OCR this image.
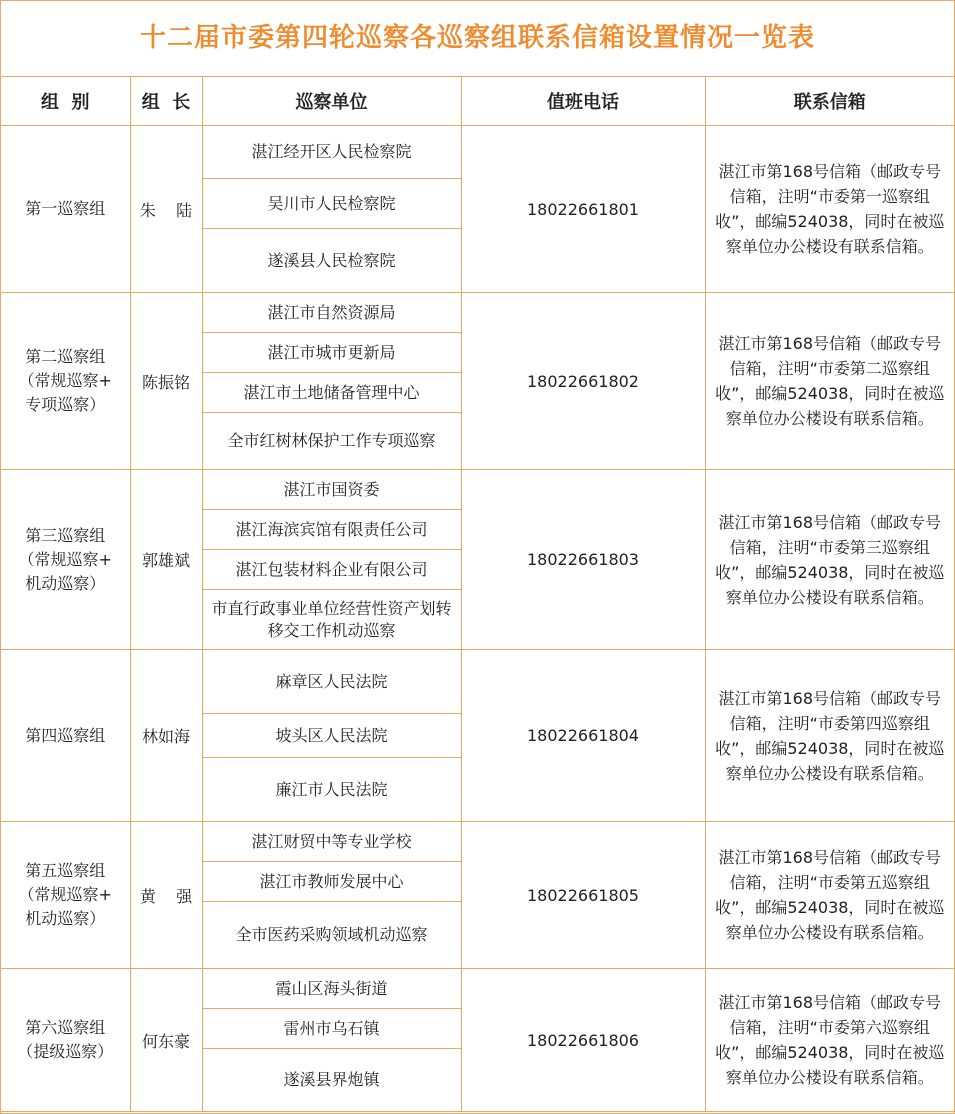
十二届市委第四轮巡察各巡察组联系信箱设置情况一览表
组  别	组  长	巡察单位	值班电话	联系信箱

第一巡察组	朱    陆	湛江经开区人民检察院	18022661801	湛江市第168号信箱（邮政专号信箱，注明“市委第一巡察组收”，邮编524038，同时在被巡察单位办公楼设有联系信箱。
		吴川市人民检察院		
		遂溪县人民检察院		

第二巡察组
（常规巡察+
专项巡察）	陈振铭	湛江市自然资源局	18022661802	湛江市第168号信箱（邮政专号信箱，注明“市委第二巡察组收”，邮编524038，同时在被巡察单位办公楼设有联系信箱。
		湛江市城市更新局		
		湛江市土地储备管理中心		
		全市红树林保护工作专项巡察		

第三巡察组
（常规巡察+
机动巡察）	郭雄斌	湛江市国资委	18022661803	湛江市第168号信箱（邮政专号信箱，注明“市委第三巡察组收”，邮编524038，同时在被巡察单位办公楼设有联系信箱。
		湛江海滨宾馆有限责任公司		
		湛江包装材料企业有限公司		
		市直行政事业单位经营性资产划转移交工作机动巡察		

第四巡察组	林如海	麻章区人民法院	18022661804	湛江市第168号信箱（邮政专号信箱，注明“市委第四巡察组收”，邮编524038，同时在被巡察单位办公楼设有联系信箱。
		坡头区人民法院		
		廉江市人民法院		

第五巡察组
（常规巡察+
机动巡察）	黄    强	湛江财贸中等专业学校	18022661805	湛江市第168号信箱（邮政专号信箱，注明“市委第五巡察组收”，邮编524038，同时在被巡察单位办公楼设有联系信箱。
		湛江市教师发展中心		
		全市医药采购领域机动巡察		

第六巡察组
（提级巡察）	何东豪	霞山区海头街道	18022661806	湛江市第168号信箱（邮政专号信箱，注明“市委第六巡察组收”，邮编524038，同时在被巡察单位办公楼设有联系信箱。
		雷州市乌石镇		
		遂溪县界炮镇		
